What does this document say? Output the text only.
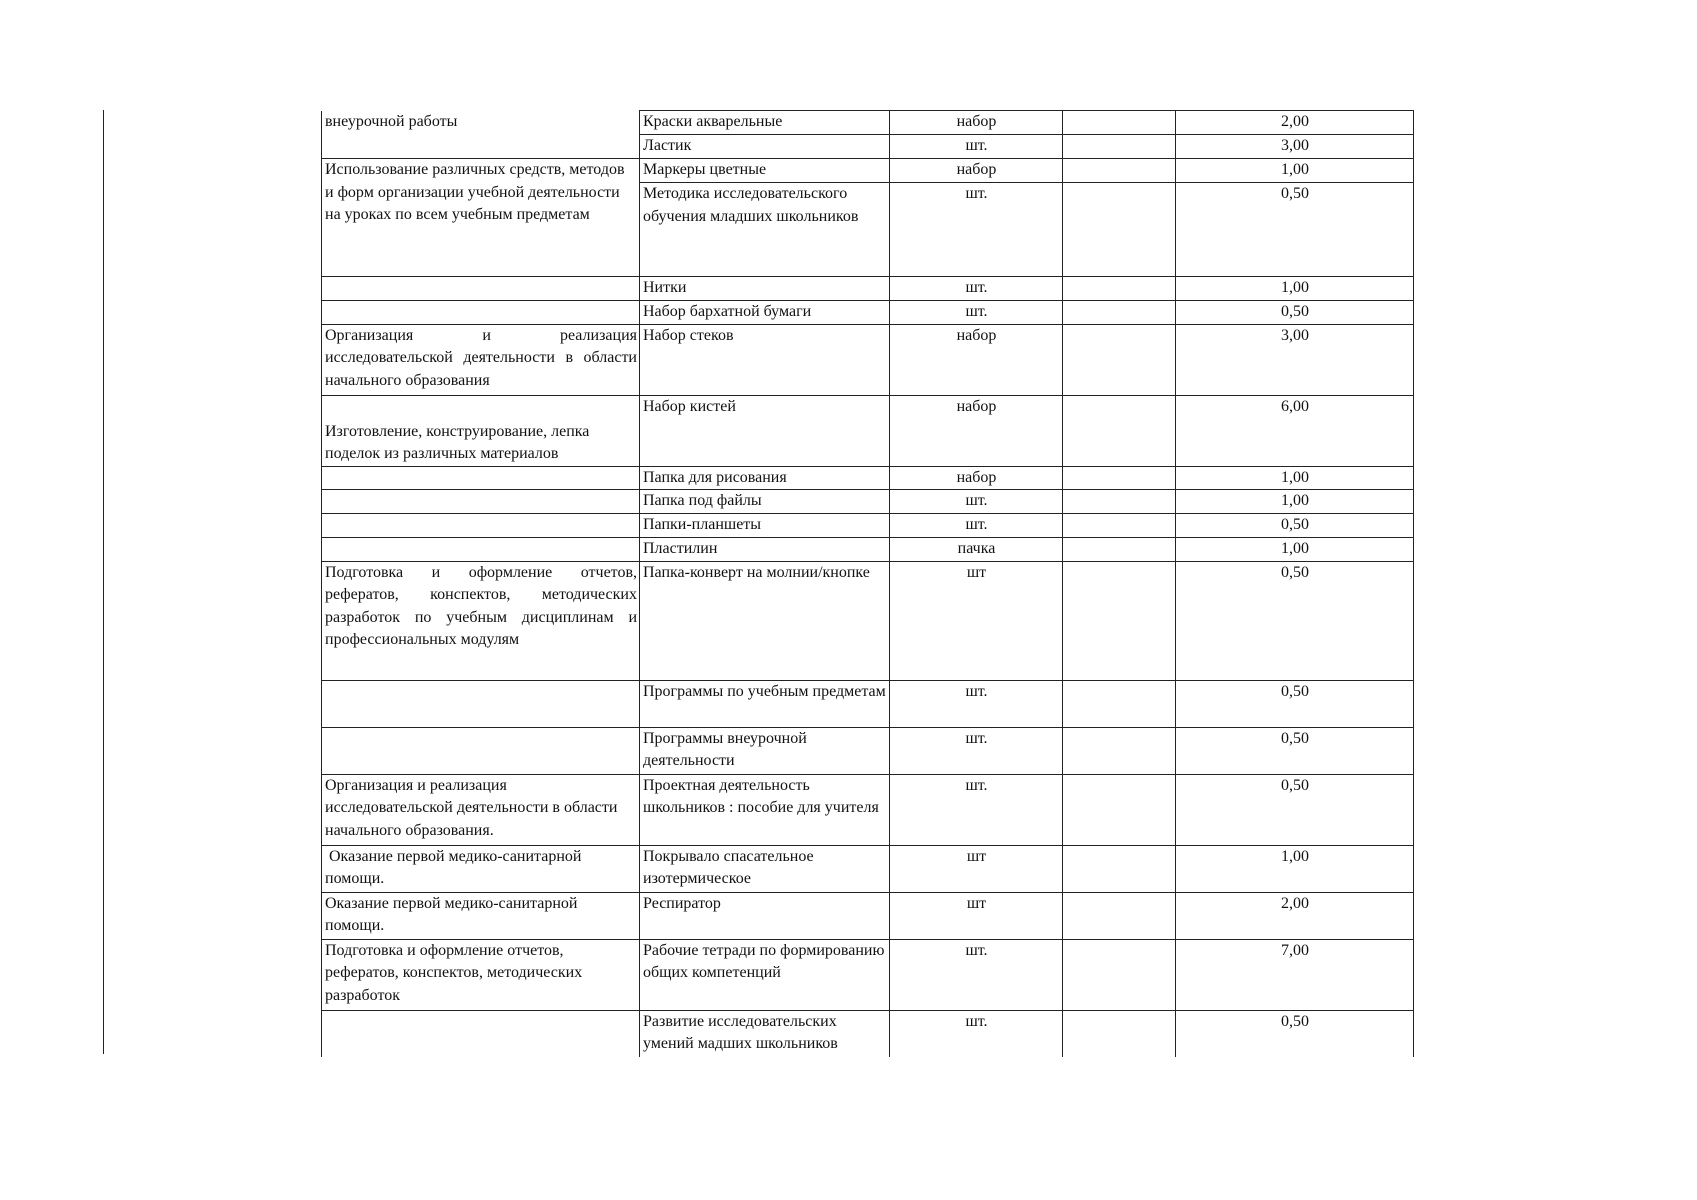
внеурочной работы	Краски акварельные	набор		2,00
	Ластик	шт.		3,00
Использование различных средств, методов и форм организации учебной деятельности на уроках по всем учебным предметам	Маркеры цветные	набор		1,00
	Методика исследовательского обучения младших школьников	шт.		0,50
	Нитки	шт.		1,00
	Набор бархатной бумаги	шт.		0,50
Организация и реализация исследовательской деятельности в области начального образования	Набор стеков	набор		3,00
Изготовление, конструирование, лепка поделок из различных материалов	Набор кистей	набор		6,00
	Папка для рисования	набор		1,00
	Папка под файлы	шт.		1,00
	Папки-планшеты	шт.		0,50
	Пластилин	пачка		1,00
Подготовка и оформление отчетов, рефератов, конспектов, методических разработок по учебным дисциплинам и профессиональных модулям	Папка-конверт на молнии/кнопке	шт		0,50
	Программы по учебным предметам	шт.		0,50
	Программы внеурочной деятельности	шт.		0,50
Организация и реализация исследовательской деятельности в области начального образования.	Проектная деятельность школьников : пособие для учителя	шт.		0,50
Оказание первой медико-санитарной помощи.	Покрывало спасательное изотермическое	шт		1,00
Оказание первой медико-санитарной помощи.	Респиратор	шт		2,00
Подготовка и оформление отчетов, рефератов, конспектов, методических разработок	Рабочие тетради по формированию общих компетенций	шт.		7,00
	Развитие исследовательских умений мадших школьников	шт.		0,50
